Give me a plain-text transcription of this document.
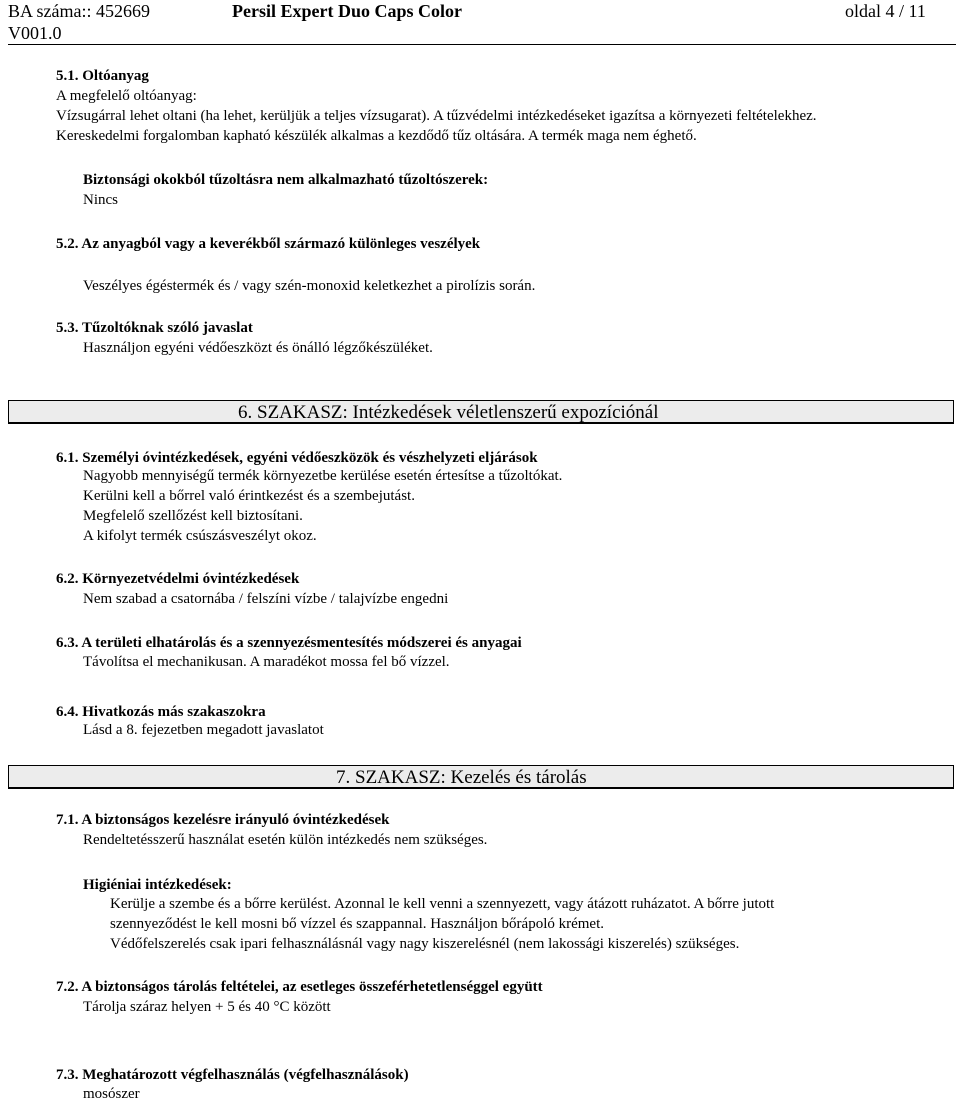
BA száma:: 452669
V001.0
Persil Expert Duo Caps Color	oldal 4 / 11
5.1. Oltóanyag
A megfelelő oltóanyag:
Vízsugárral lehet oltani (ha lehet, kerüljük a teljes vízsugarat). A tűzvédelmi intézkedéseket igazítsa a környezeti feltételekhez.
Kereskedelmi forgalomban kapható készülék alkalmas a kezdődő tűz oltására. A termék maga nem éghető.
Biztonsági okokból tűzoltásra nem alkalmazható tűzoltószerek:
Nincs
5.2. Az anyagból vagy a keverékből származó különleges veszélyek
Veszélyes égéstermék és / vagy szén-monoxid keletkezhet a pirolízis során.
5.3. Tűzoltóknak szóló javaslat
Használjon egyéni védőeszközt és önálló légzőkészüléket.
6. SZAKASZ: Intézkedések véletlenszerű expozíciónál
6.1. Személyi óvintézkedések, egyéni védőeszközök és vészhelyzeti eljárások
Nagyobb mennyiségű termék környezetbe kerülése esetén értesítse a tűzoltókat.
Kerülni kell a bőrrel való érintkezést és a szembejutást.
Megfelelő szellőzést kell biztosítani.
A kifolyt termék csúszásveszélyt okoz.
6.2. Környezetvédelmi óvintézkedések
Nem szabad a csatornába / felszíni vízbe / talajvízbe engedni
6.3. A területi elhatárolás és a szennyezésmentesítés módszerei és anyagai
Távolítsa el mechanikusan. A maradékot mossa fel bő vízzel.
6.4. Hivatkozás más szakaszokra
Lásd a 8. fejezetben megadott javaslatot
7. SZAKASZ: Kezelés és tárolás
7.1. A biztonságos kezelésre irányuló óvintézkedések
Rendeltetésszerű használat esetén külön intézkedés nem szükséges.
Higiéniai intézkedések:
Kerülje a szembe és a bőrre kerülést. Azonnal le kell venni a szennyezett, vagy átázott ruházatot. A bőrre jutott
szennyeződést le kell mosni bő vízzel és szappannal. Használjon bőrápoló krémet.
Védőfelszerelés csak ipari felhasználásnál vagy nagy kiszerelésnél (nem lakossági kiszerelés) szükséges.
7.2. A biztonságos tárolás feltételei, az esetleges összeférhetetlenséggel együtt
Tárolja száraz helyen + 5 és 40 °C között
7.3. Meghatározott végfelhasználás (végfelhasználások)
mosószer
